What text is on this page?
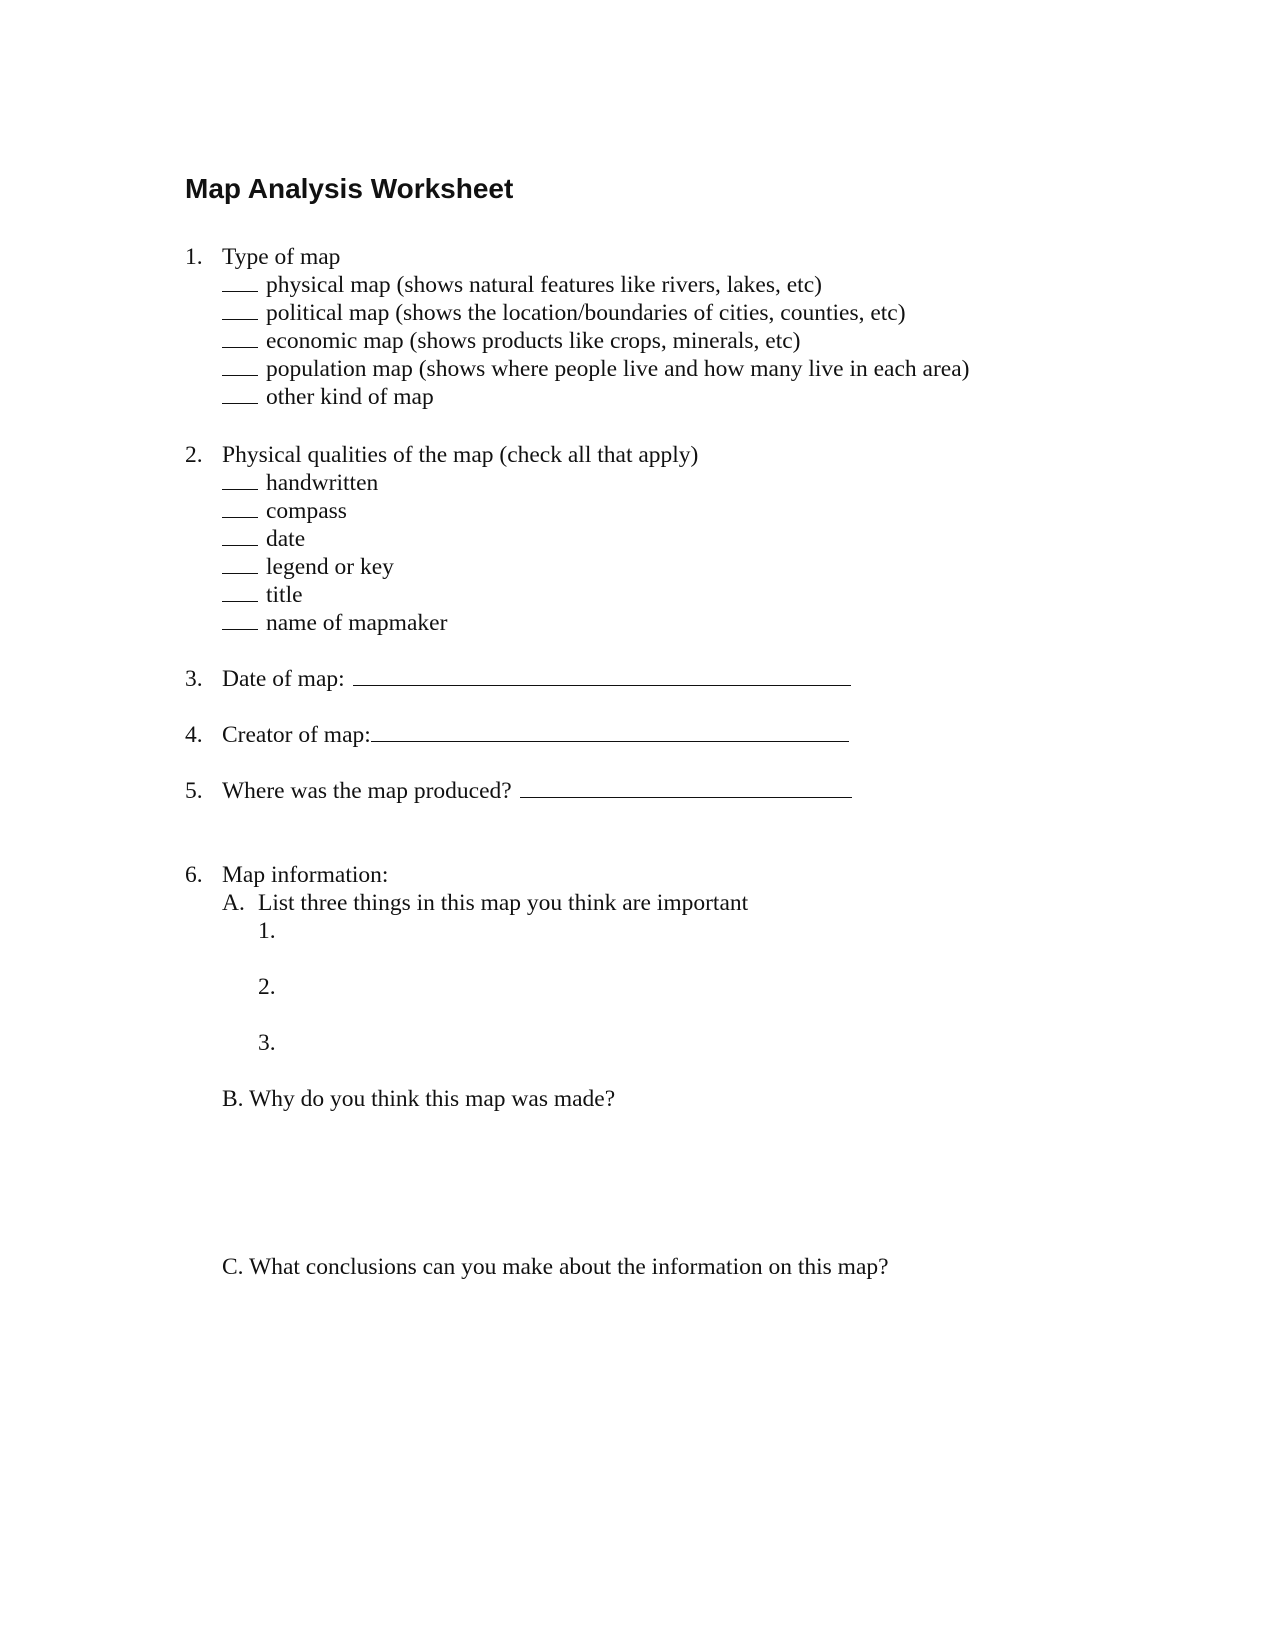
Map Analysis Worksheet
1. Type of map
physical map (shows natural features like rivers, lakes, etc)
political map (shows the location/boundaries of cities, counties, etc)
economic map (shows products like crops, minerals, etc)
population map (shows where people live and how many live in each area)
other kind of map
2. Physical qualities of the map (check all that apply)
handwritten
compass
date
legend or key
title
name of mapmaker
3. Date of map:
4. Creator of map:
5. Where was the map produced?
6. Map information:
A. List three things in this map you think are important
1.
2.
3.
B. Why do you think this map was made?
C. What conclusions can you make about the information on this map?
